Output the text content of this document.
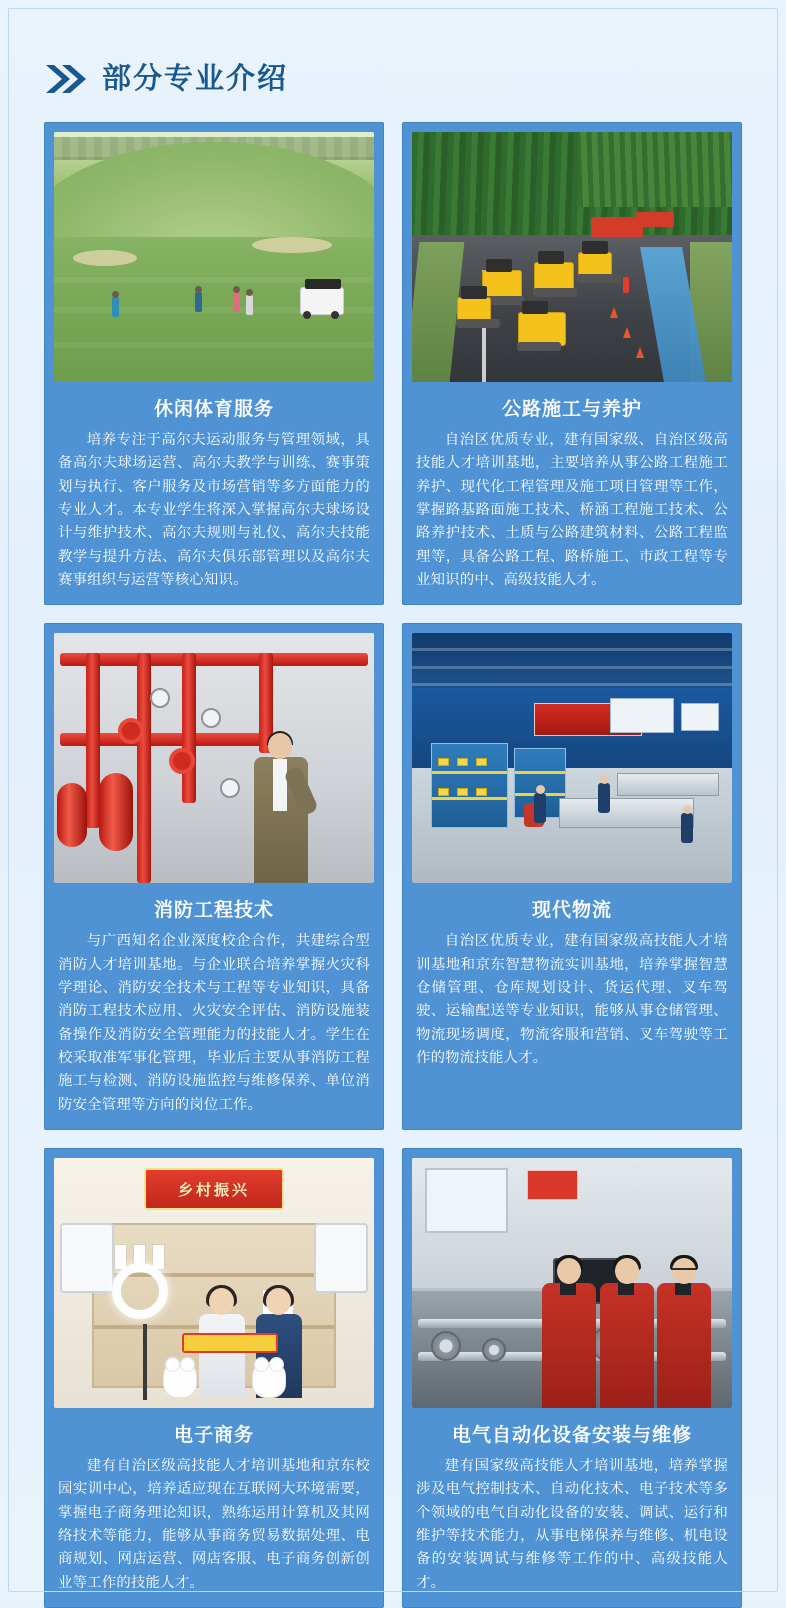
部分专业介绍
休闲体育服务
培养专注于高尔夫运动服务与管理领域，具备高尔夫球场运营、高尔夫教学与训练、赛事策划与执行、客户服务及市场营销等多方面能力的专业人才。本专业学生将深入掌握高尔夫球场设计与维护技术、高尔夫规则与礼仪、高尔夫技能教学与提升方法、高尔夫俱乐部管理以及高尔夫赛事组织与运营等核心知识。
公路施工与养护
自治区优质专业，建有国家级、自治区级高技能人才培训基地，主要培养从事公路工程施工养护、现代化工程管理及施工项目管理等工作，掌握路基路面施工技术、桥涵工程施工技术、公路养护技术、土质与公路建筑材料、公路工程监理等，具备公路工程、路桥施工、市政工程等专业知识的中、高级技能人才。
消防工程技术
与广西知名企业深度校企合作，共建综合型消防人才培训基地。与企业联合培养掌握火灾科学理论、消防安全技术与工程等专业知识，具备消防工程技术应用、火灾安全评估、消防设施装备操作及消防安全管理能力的技能人才。学生在校采取准军事化管理，毕业后主要从事消防工程施工与检测、消防设施监控与维修保养、单位消防安全管理等方向的岗位工作。
现代物流
自治区优质专业，建有国家级高技能人才培训基地和京东智慧物流实训基地，培养掌握智慧仓储管理、仓库规划设计、货运代理、叉车驾驶、运输配送等专业知识，能够从事仓储管理、物流现场调度，物流客服和营销、叉车驾驶等工作的物流技能人才。
乡村振兴
电子商务
建有自治区级高技能人才培训基地和京东校园实训中心，培养适应现在互联网大环境需要，掌握电子商务理论知识，熟练运用计算机及其网络技术等能力，能够从事商务贸易数据处理、电商规划、网店运营、网店客服、电子商务创新创业等工作的技能人才。
电气自动化设备安装与维修
建有国家级高技能人才培训基地，培养掌握涉及电气控制技术、自动化技术、电子技术等多个领域的电气自动化设备的安装、调试、运行和维护等技术能力，从事电梯保养与维修、机电设备的安装调试与维修等工作的中、高级技能人才。
